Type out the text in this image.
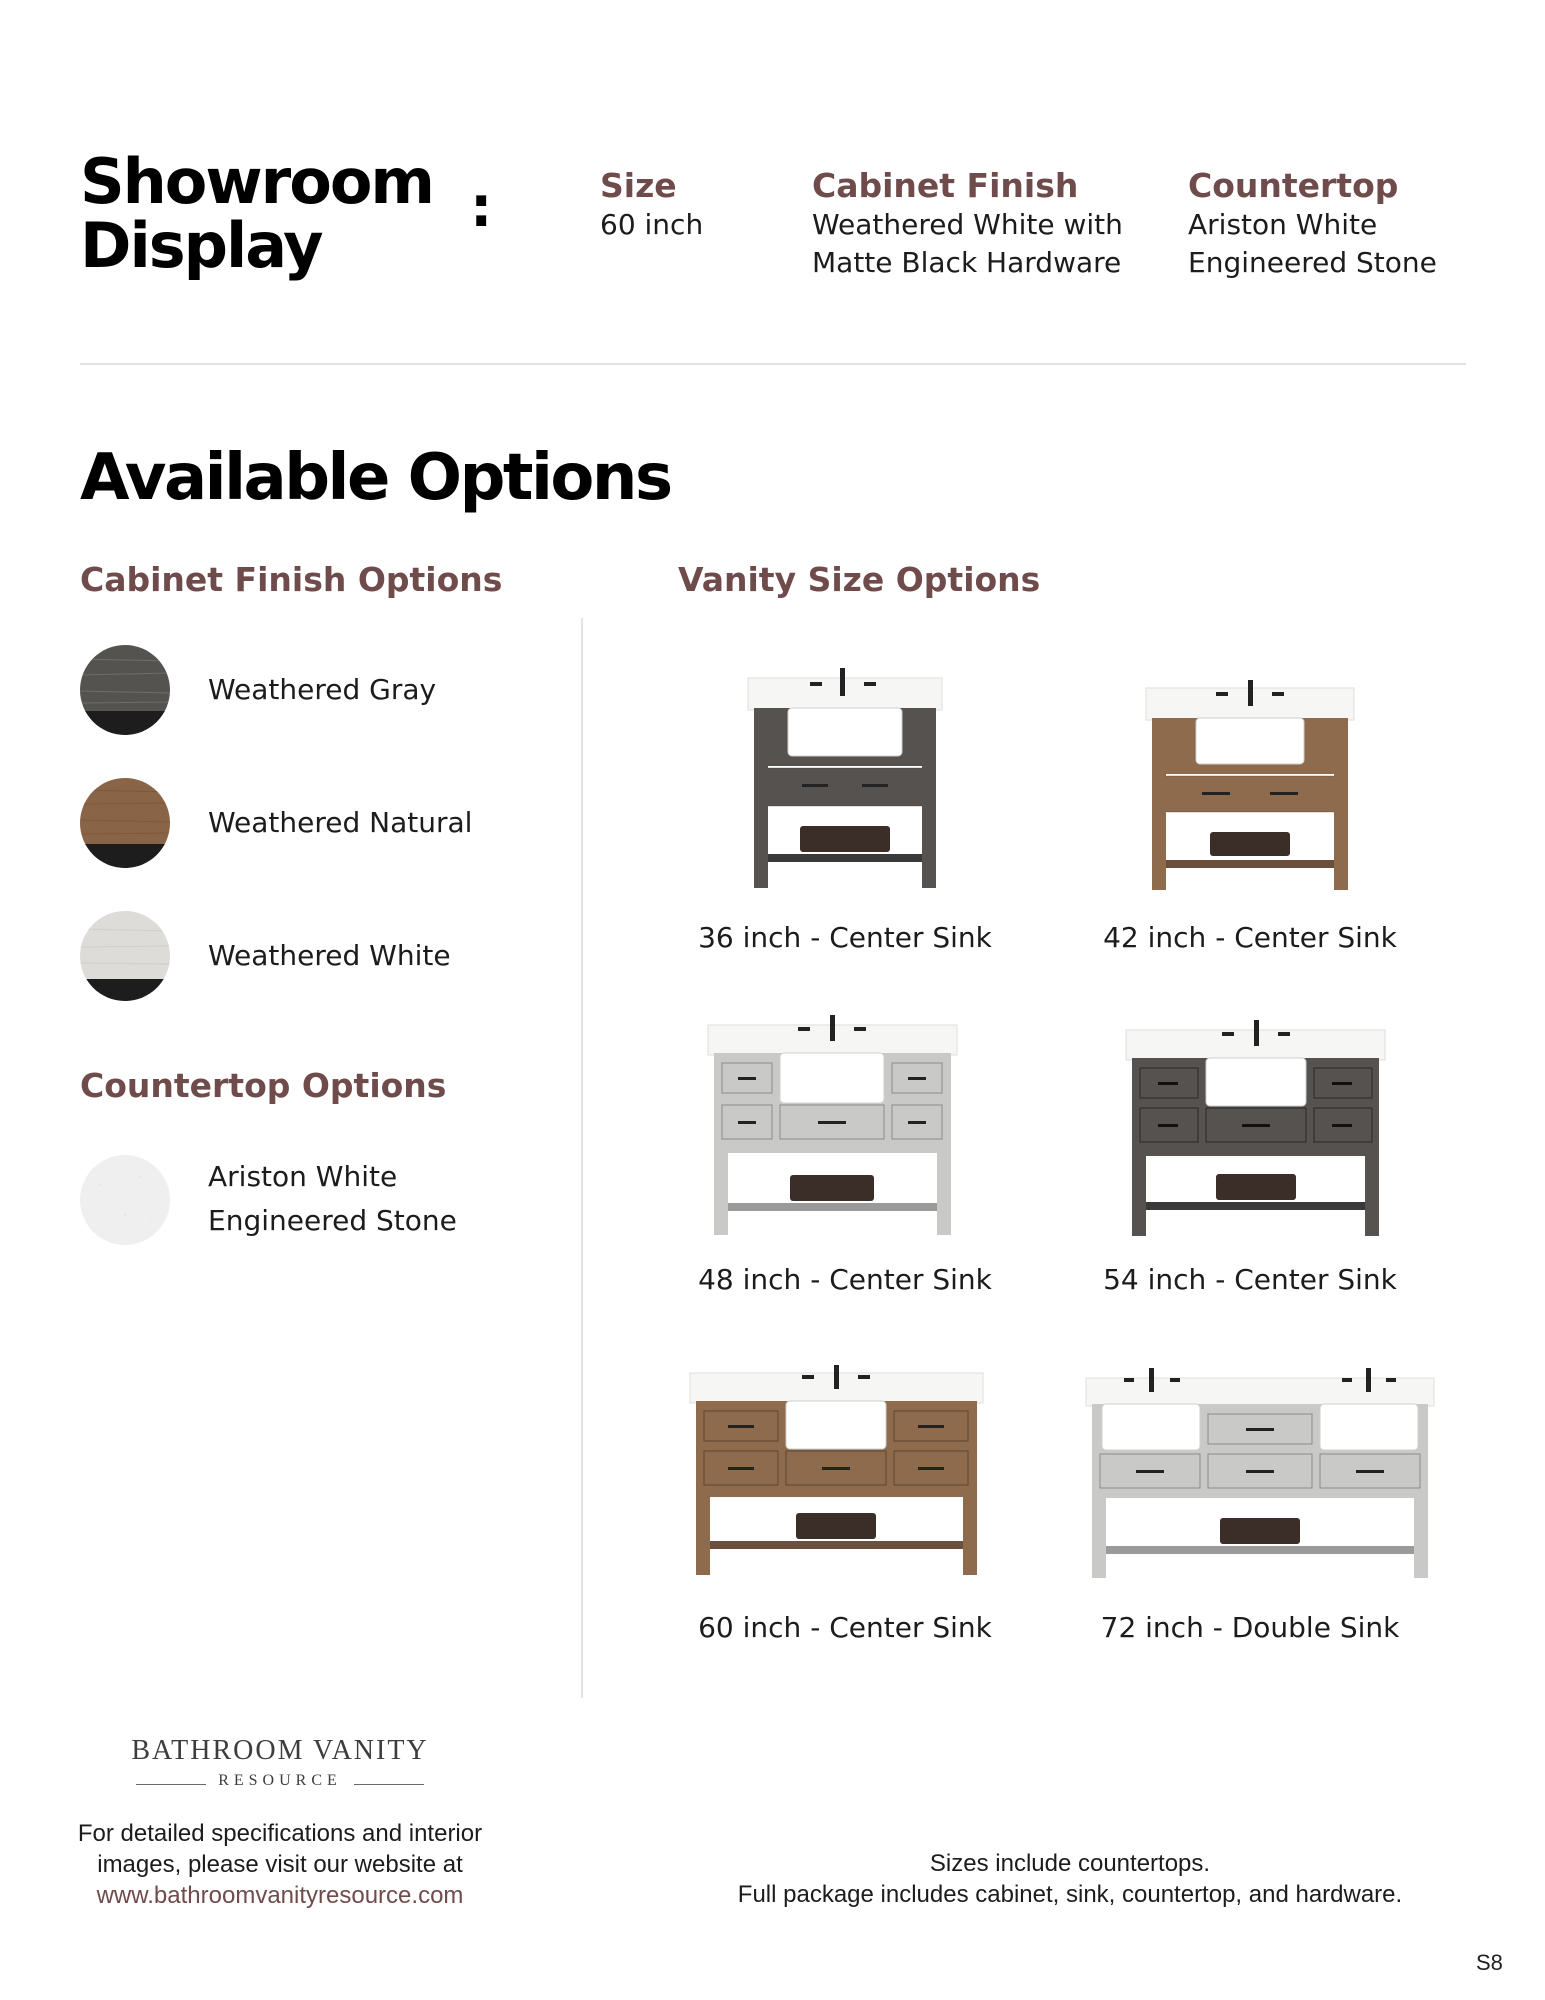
Showroom
Display
:	Size
60 inch
Cabinet Finish
Weathered White with
Matte Black Hardware
Countertop
Ariston White
Engineered Stone
Available Options
Cabinet Finish Options
Weathered Gray
Weathered Natural
Weathered White
Countertop Options
Ariston White
Engineered Stone
Vanity Size Options
36 inch - Center Sink	42 inch - Center Sink
48 inch - Center Sink	54 inch - Center Sink
60 inch - Center Sink	72 inch - Double Sink
BATHROOM VANITY
RESOURCE
For detailed specifications and interior
images, please visit our website at
www.bathroomvanityresource.com
Sizes include countertops.
Full package includes cabinet, sink, countertop, and hardware.
S8
